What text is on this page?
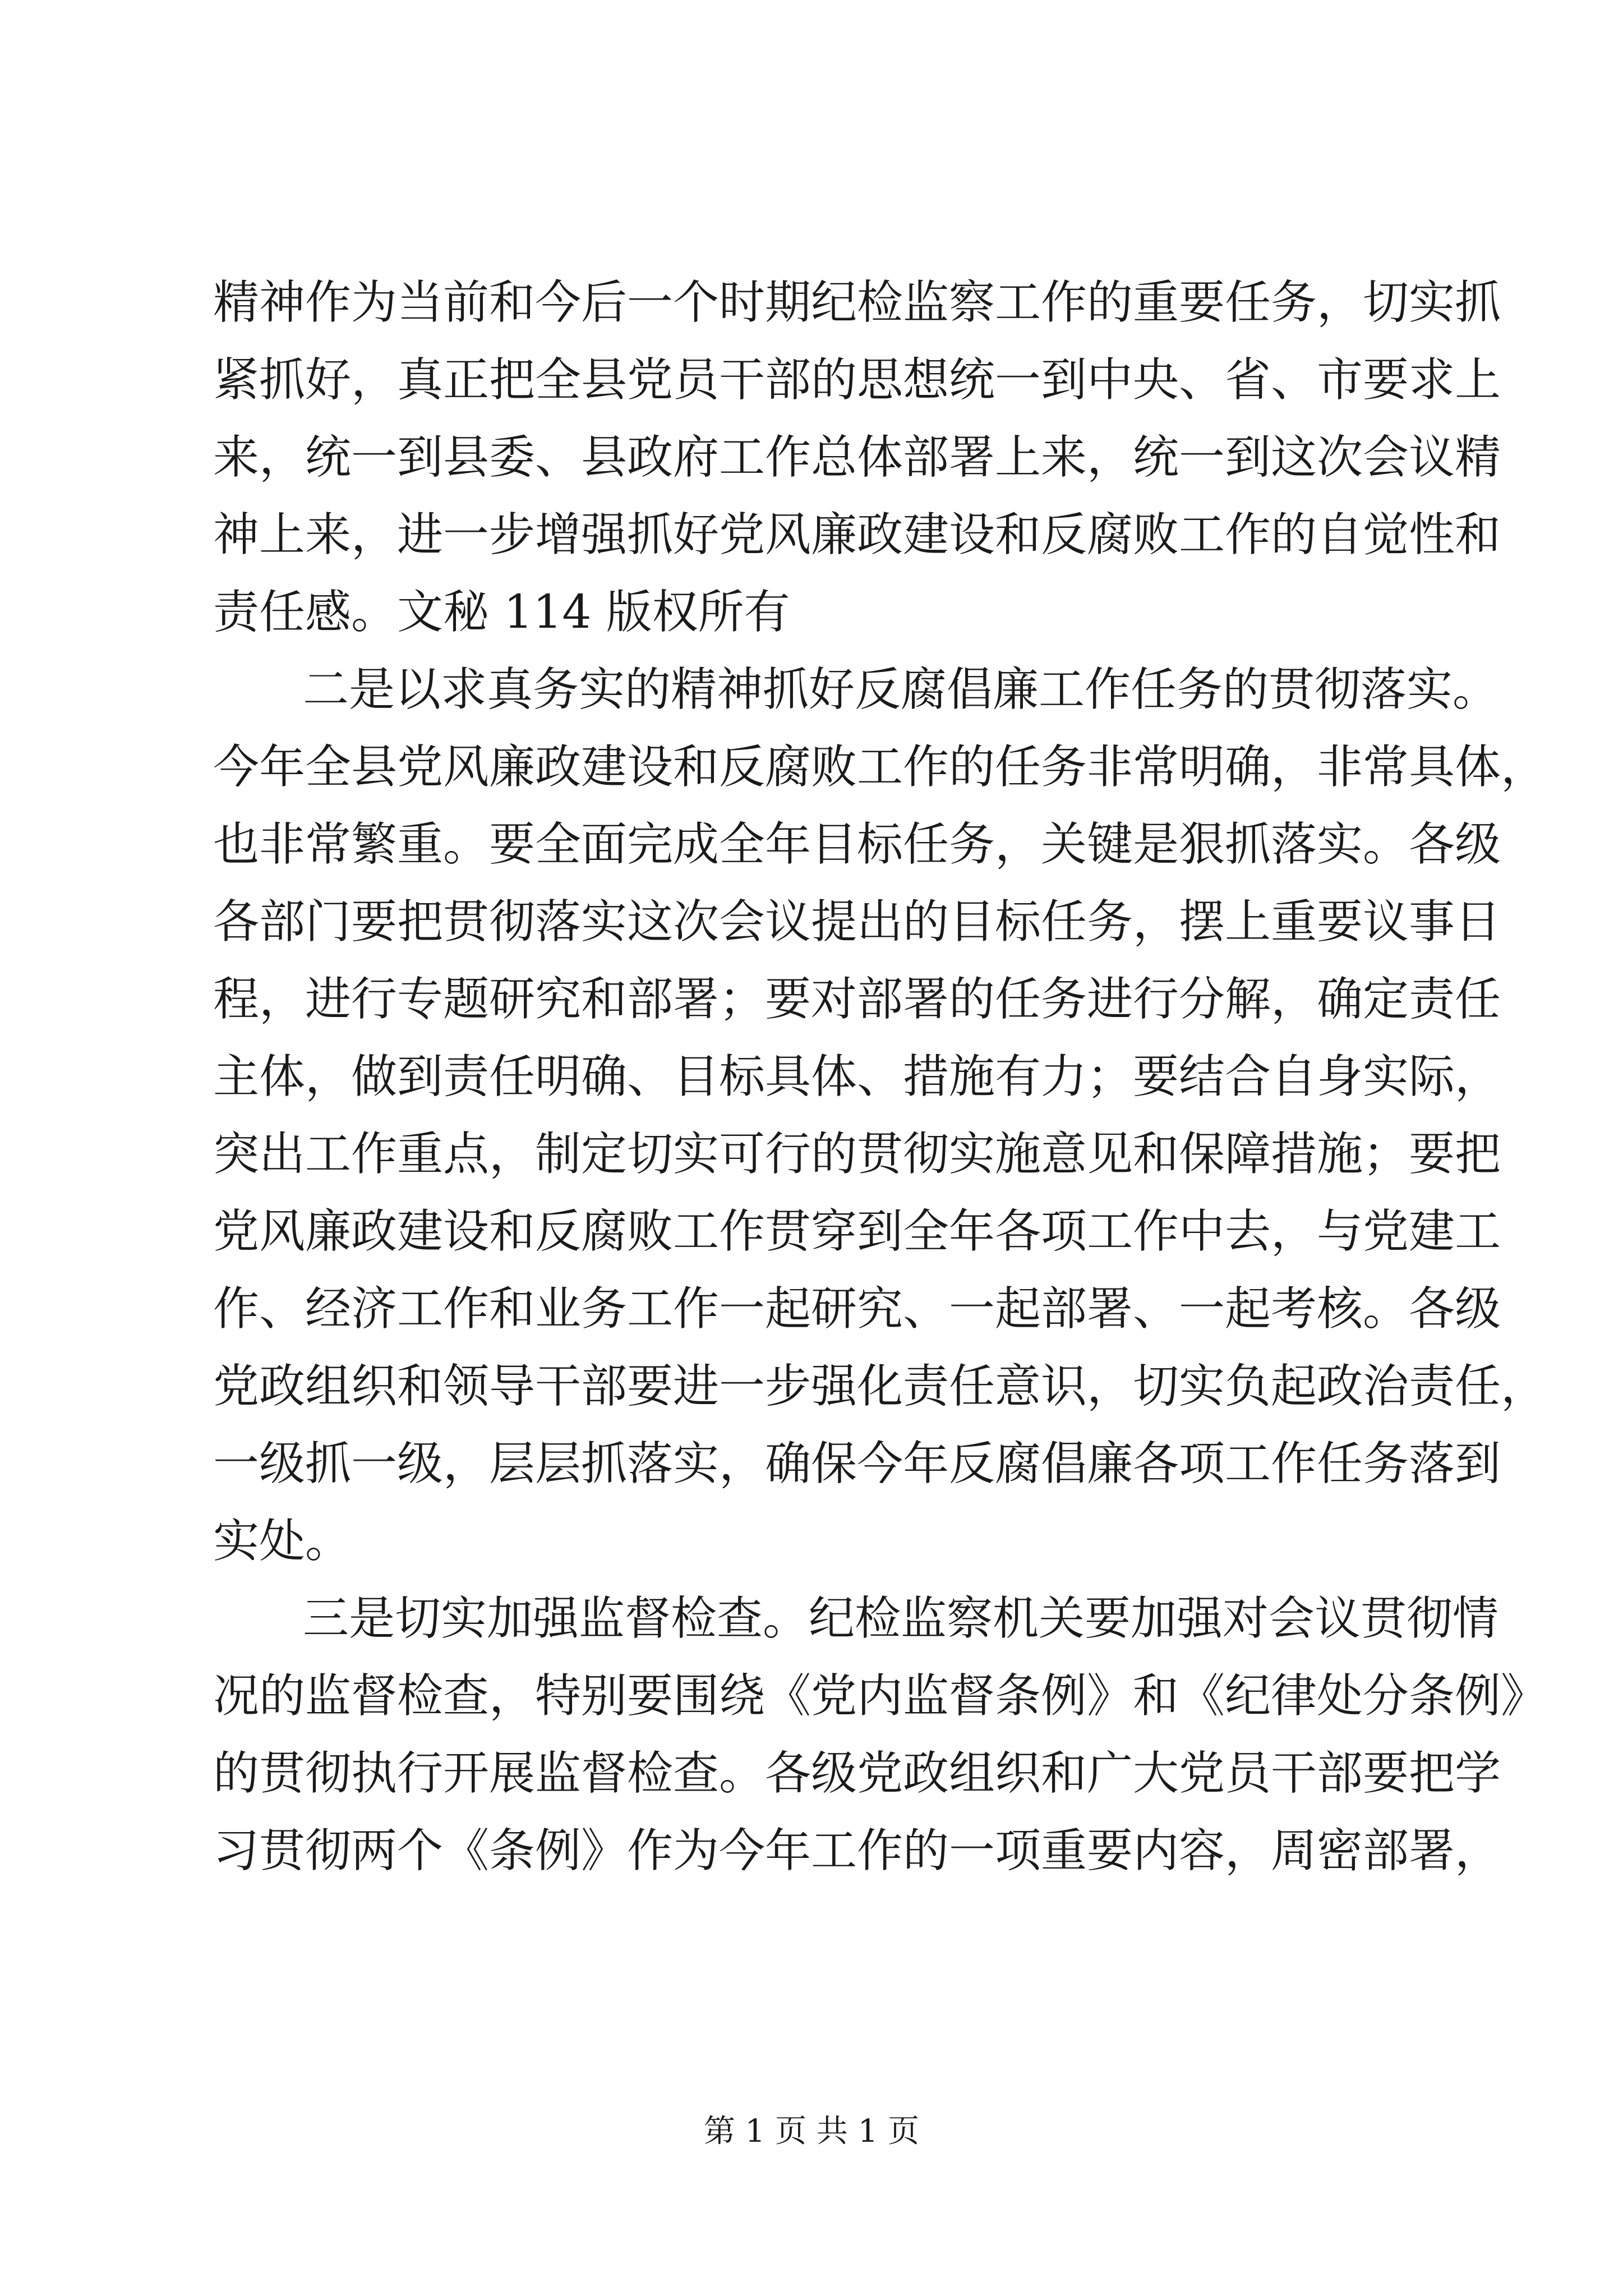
精神作为当前和今后一个时期纪检监察工作的重要任务，切实抓
紧抓好，真正把全县党员干部的思想统一到中央、省、市要求上
来，统一到县委、县政府工作总体部署上来，统一到这次会议精
神上来，进一步增强抓好党风廉政建设和反腐败工作的自觉性和
责任感。文秘 114 版权所有
二是以求真务实的精神抓好反腐倡廉工作任务的贯彻落实。
今年全县党风廉政建设和反腐败工作的任务非常明确，非常具体，
也非常繁重。要全面完成全年目标任务，关键是狠抓落实。各级
各部门要把贯彻落实这次会议提出的目标任务，摆上重要议事日
程，进行专题研究和部署；要对部署的任务进行分解，确定责任
主体，做到责任明确、目标具体、措施有力；要结合自身实际，
突出工作重点，制定切实可行的贯彻实施意见和保障措施；要把
党风廉政建设和反腐败工作贯穿到全年各项工作中去，与党建工
作、经济工作和业务工作一起研究、一起部署、一起考核。各级
党政组织和领导干部要进一步强化责任意识，切实负起政治责任，
一级抓一级，层层抓落实，确保今年反腐倡廉各项工作任务落到
实处。
三是切实加强监督检查。纪检监察机关要加强对会议贯彻情
况的监督检查，特别要围绕《党内监督条例》和《纪律处分条例》
的贯彻执行开展监督检查。各级党政组织和广大党员干部要把学
习贯彻两个《条例》作为今年工作的一项重要内容，周密部署，
第 1 页 共 1 页
